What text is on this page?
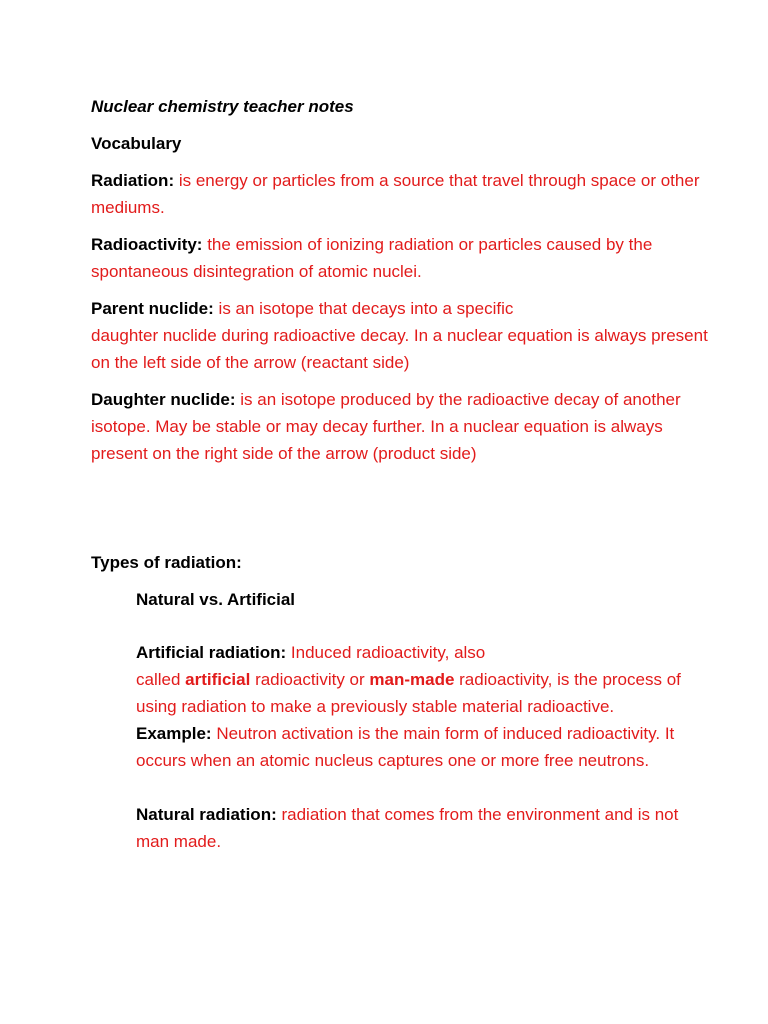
Nuclear chemistry teacher notes

Vocabulary

Radiation: is energy or particles from a source that travel through space or other mediums.

Radioactivity: the emission of ionizing radiation or particles caused by the spontaneous disintegration of atomic nuclei.

Parent nuclide: is an isotope that decays into a specific
daughter nuclide during radioactive decay. In a nuclear equation is always present on the left side of the arrow (reactant side)

Daughter nuclide: is an isotope produced by the radioactive decay of another isotope. May be stable or may decay further. In a nuclear equation is always present on the right side of the arrow (product side)

Types of radiation:

Natural vs. Artificial

Artificial radiation: Induced radioactivity, also
called artificial radioactivity or man-made radioactivity, is the process of using radiation to make a previously stable material radioactive.

Example: Neutron activation is the main form of induced radioactivity. It occurs when an atomic nucleus captures one or more free neutrons.

Natural radiation: radiation that comes from the environment and is not man made.
